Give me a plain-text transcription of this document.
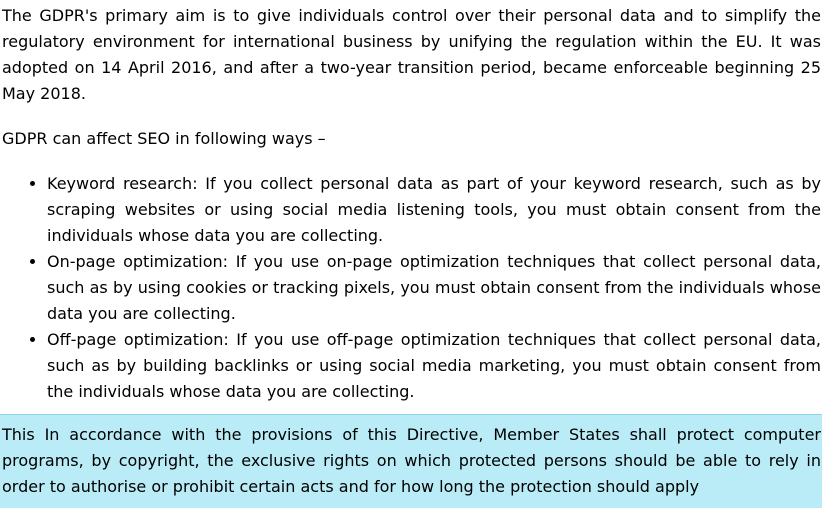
The GDPR's primary aim is to give individuals control over their personal data and to simplify the regulatory environment for international business by unifying the regulation within the EU. It was adopted on 14 April 2016, and after a two-year transition period, became enforceable beginning 25 May 2018.

GDPR can affect SEO in following ways –

• Keyword research: If you collect personal data as part of your keyword research, such as by scraping websites or using social media listening tools, you must obtain consent from the individuals whose data you are collecting.
• On-page optimization: If you use on-page optimization techniques that collect personal data, such as by using cookies or tracking pixels, you must obtain consent from the individuals whose data you are collecting.
• Off-page optimization: If you use off-page optimization techniques that collect personal data, such as by building backlinks or using social media marketing, you must obtain consent from the individuals whose data you are collecting.

This In accordance with the provisions of this Directive, Member States shall protect computer programs, by copyright, the exclusive rights on which protected persons should be able to rely in order to authorise or prohibit certain acts and for how long the protection should apply
